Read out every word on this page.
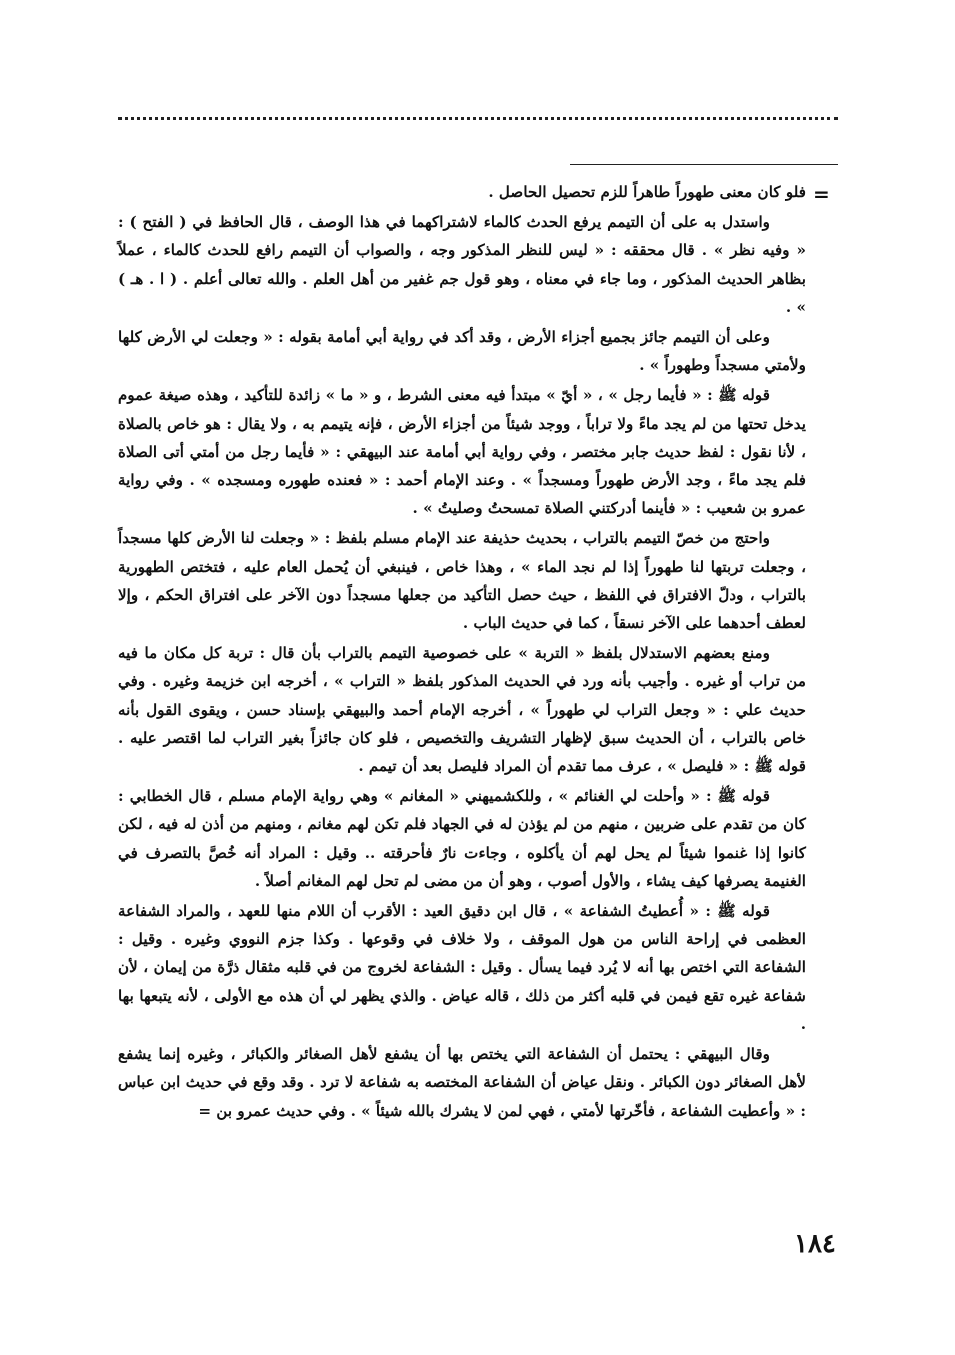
=

فلو كان معنى طهوراً طاهراً للزم تحصيل الحاصل .

واستدل به على أن التيمم يرفع الحدث كالماء لاشتراكهما في هذا الوصف ، قال الحافظ في ( الفتح ) : « وفيه نظر » . قال محققه : « ليس للنظر المذكور وجه ، والصواب أن التيمم رافع للحدث كالماء ، عملاً بظاهر الحديث المذكور ، وما جاء في معناه ، وهو قول جم غفير من أهل العلم . والله تعالى أعلم . ( ا . هـ ) » .

وعلى أن التيمم جائز بجميع أجزاء الأرض ، وقد أكد في رواية أبي أمامة بقوله : « وجعلت لي الأرض كلها ولأمتي مسجداً وطهوراً » .

قوله ﷺ : « فأيما رجل » ، « أيّ » مبتدأ فيه معنى الشرط ، و « ما » زائدة للتأكيد ، وهذه صيغة عموم يدخل تحتها من لم يجد ماءً ولا تراباً ، ووجد شيئاً من أجزاء الأرض ، فإنه يتيمم به ، ولا يقال : هو خاص بالصلاة ، لأنا نقول : لفظ حديث جابر مختصر ، وفي رواية أبي أمامة عند البيهقي : « فأيما رجل من أمتي أتى الصلاة فلم يجد ماءً ، وجد الأرض طهوراً ومسجداً » . وعند الإمام أحمد : « فعنده طهوره ومسجده » . وفي رواية عمرو بن شعيب : « فأينما أدركتني الصلاة تمسحتُ وصليتُ » .

واحتج من خصّ التيمم بالتراب ، بحديث حذيفة عند الإمام مسلم بلفظ : « وجعلت لنا الأرض كلها مسجداً ، وجعلت تربتها لنا طهوراً إذا لم نجد الماء » ، وهذا خاص ، فينبغي أن يُحمل العام عليه ، فتختص الطهورية بالتراب ، ودلّ الافتراق في اللفظ ، حيث حصل التأكيد من جعلها مسجداً دون الآخر على افتراق الحكم ، وإلا لعطف أحدهما على الآخر نسقاً ، كما في حديث الباب .

ومنع بعضهم الاستدلال بلفظ « التربة » على خصوصية التيمم بالتراب بأن قال : تربة كل مكان ما فيه من تراب أو غيره . وأجيب بأنه ورد في الحديث المذكور بلفظ « التراب » ، أخرجه ابن خزيمة وغيره . وفي حديث علي : « وجعل التراب لي طهوراً » ، أخرجه الإمام أحمد والبيهقي بإسناد حسن ، ويقوى القول بأنه خاص بالتراب ، أن الحديث سبق لإظهار التشريف والتخصيص ، فلو كان جائزاً بغير التراب لما اقتصر عليه . قوله ﷺ : « فليصل » ، عرف مما تقدم أن المراد فليصل بعد أن تيمم .

قوله ﷺ : « وأحلت لي الغنائم » ، وللكشميهني « المغانم » وهي رواية الإمام مسلم ، قال الخطابي : كان من تقدم على ضربين ، منهم من لم يؤذن له في الجهاد فلم تكن لهم مغانم ، ومنهم من أذن له فيه ، لكن كانوا إذا غنموا شيئاً لم يحل لهم أن يأكلوه ، وجاءت نارٌ فأحرقته .. وقيل : المراد أنه خُصَّ بالتصرف في الغنيمة يصرفها كيف يشاء ، والأول أصوب ، وهو أن من مضى لم تحل لهم المغانم أصلاً .

قوله ﷺ : « أُعطيتُ الشفاعة » ، قال ابن دقيق العيد : الأقرب أن اللام منها للعهد ، والمراد الشفاعة العظمى في إراحة الناس من هول الموقف ، ولا خلاف في وقوعها . وكذا جزم النووي وغيره . وقيل : الشفاعة التي اختص بها أنه لا يُرد فيما يسأل . وقيل : الشفاعة لخروج من في قلبه مثقال ذرَّة من إيمان ، لأن شفاعة غيره تقع فيمن في قلبه أكثر من ذلك ، قاله عياض . والذي يظهر لي أن هذه مع الأولى ، لأنه يتبعها بها .

وقال البيهقي : يحتمل أن الشفاعة التي يختص بها أن يشفع لأهل الصغائر والكبائر ، وغيره إنما يشفع لأهل الصغائر دون الكبائر . ونقل عياض أن الشفاعة المختصه به شفاعة لا ترد . وقد وقع في حديث ابن عباس : « وأعطيت الشفاعة ، فأخّرتها لأمتي ، فهي لمن لا يشرك بالله شيئاً » . وفي حديث عمرو بن =

١٨٤
